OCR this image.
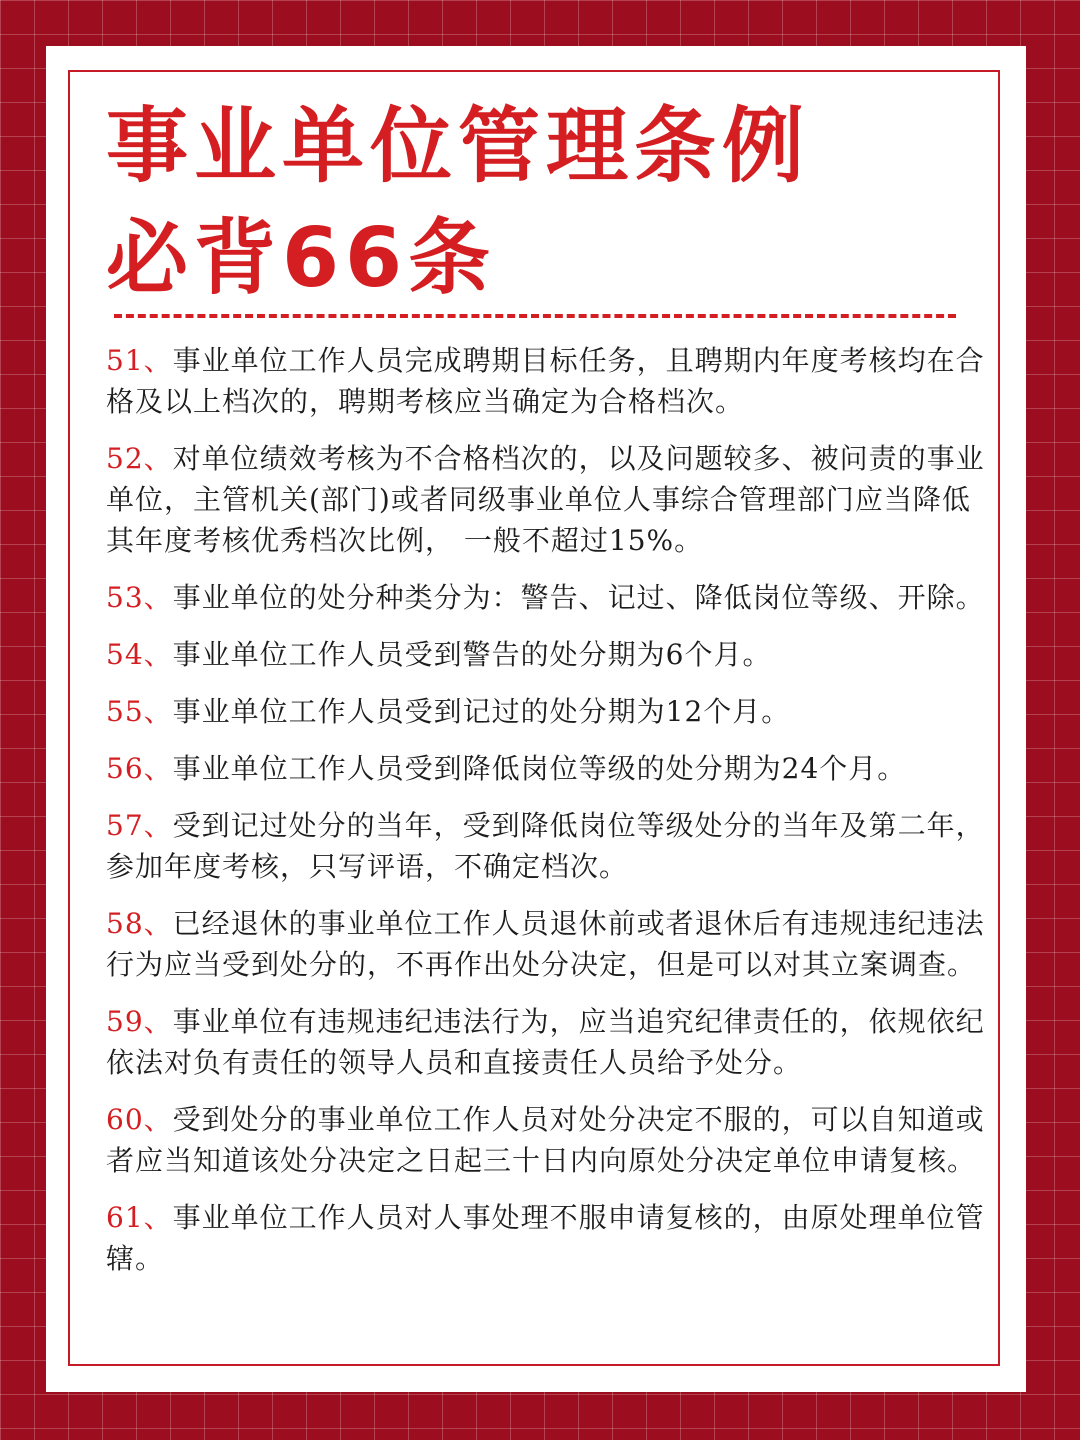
事业单位管理条例
必背66条

51、事业单位工作人员完成聘期目标任务，且聘期内年度考核均在合格及以上档次的，聘期考核应当确定为合格档次。

52、对单位绩效考核为不合格档次的，以及问题较多、被问责的事业单位，主管机关(部门)或者同级事业单位人事综合管理部门应当降低其年度考核优秀档次比例， 一般不超过15%。

53、事业单位的处分种类分为：警告、记过、降低岗位等级、开除。

54、事业单位工作人员受到警告的处分期为6个月。

55、事业单位工作人员受到记过的处分期为12个月。

56、事业单位工作人员受到降低岗位等级的处分期为24个月。

57、受到记过处分的当年，受到降低岗位等级处分的当年及第二年，参加年度考核，只写评语，不确定档次。

58、已经退休的事业单位工作人员退休前或者退休后有违规违纪违法行为应当受到处分的，不再作出处分决定，但是可以对其立案调查。

59、事业单位有违规违纪违法行为，应当追究纪律责任的，依规依纪依法对负有责任的领导人员和直接责任人员给予处分。

60、受到处分的事业单位工作人员对处分决定不服的，可以自知道或者应当知道该处分决定之日起三十日内向原处分决定单位申请复核。

61、事业单位工作人员对人事处理不服申请复核的，由原处理单位管辖。
